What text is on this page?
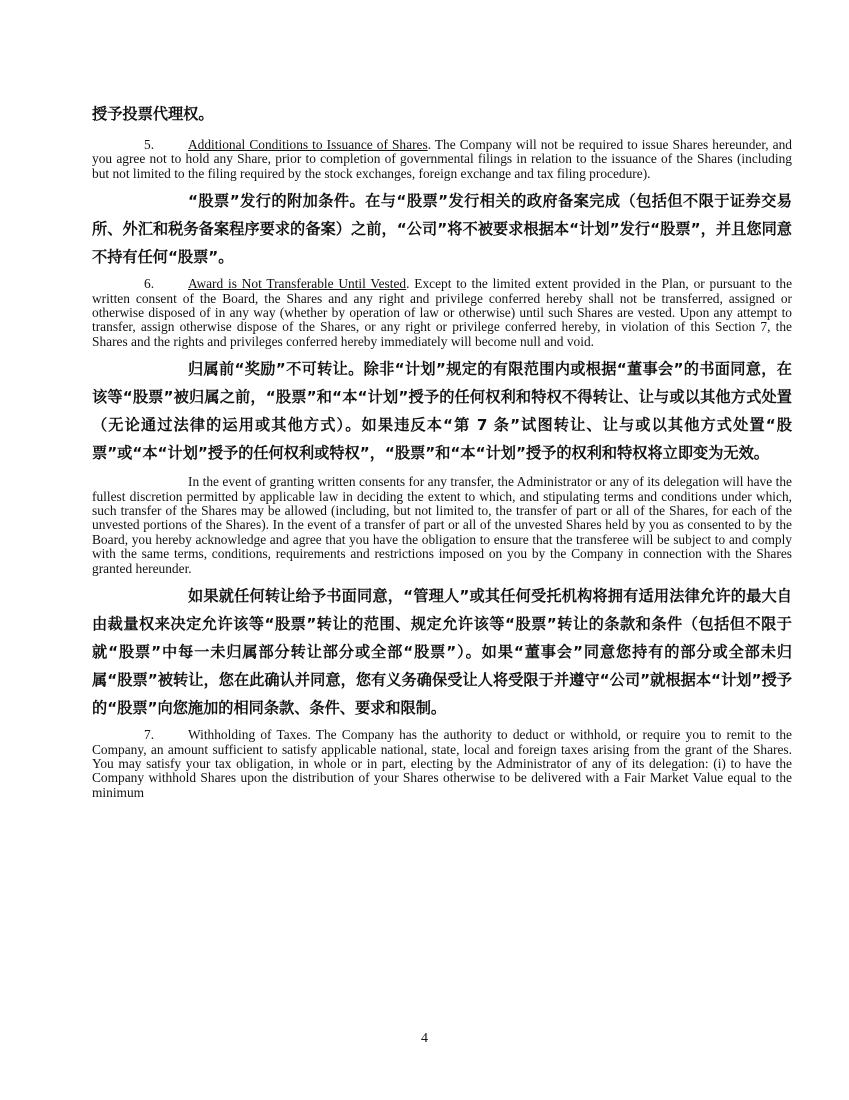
授予投票代理权。

5.	Additional Conditions to Issuance of Shares. The Company will not be required to issue Shares hereunder, and you agree not to hold any Share, prior to completion of governmental filings in relation to the issuance of the Shares (including but not limited to the filing required by the stock exchanges, foreign exchange and tax filing procedure).

“股票”发行的附加条件。在与“股票”发行相关的政府备案完成（包括但不限于证券交易所、外汇和税务备案程序要求的备案）之前，“公司”将不被要求根据本“计划”发行“股票”，并且您同意不持有任何“股票”。

6.	Award is Not Transferable Until Vested. Except to the limited extent provided in the Plan, or pursuant to the written consent of the Board, the Shares and any right and privilege conferred hereby shall not be transferred, assigned or otherwise disposed of in any way (whether by operation of law or otherwise) until such Shares are vested. Upon any attempt to transfer, assign otherwise dispose of the Shares, or any right or privilege conferred hereby, in violation of this Section 7, the Shares and the rights and privileges conferred hereby immediately will become null and void.

归属前“奖励”不可转让。除非“计划”规定的有限范围内或根据“董事会”的书面同意，在该等“股票”被归属之前，“股票”和“本“计划”授予的任何权利和特权不得转让、让与或以其他方式处置（无论通过法律的运用或其他方式）。如果违反本“第 7 条”试图转让、让与或以其他方式处置“股票”或“本“计划”授予的任何权利或特权”，“股票”和“本“计划”授予的权利和特权将立即变为无效。

In the event of granting written consents for any transfer, the Administrator or any of its delegation will have the fullest discretion permitted by applicable law in deciding the extent to which, and stipulating terms and conditions under which, such transfer of the Shares may be allowed (including, but not limited to, the transfer of part or all of the Shares, for each of the unvested portions of the Shares). In the event of a transfer of part or all of the unvested Shares held by you as consented to by the Board, you hereby acknowledge and agree that you have the obligation to ensure that the transferee will be subject to and comply with the same terms, conditions, requirements and restrictions imposed on you by the Company in connection with the Shares granted hereunder.

如果就任何转让给予书面同意，“管理人”或其任何受托机构将拥有适用法律允许的最大自由裁量权来决定允许该等“股票”转让的范围、规定允许该等“股票”转让的条款和条件（包括但不限于就“股票”中每一未归属部分转让部分或全部“股票”）。如果“董事会”同意您持有的部分或全部未归属“股票”被转让，您在此确认并同意，您有义务确保受让人将受限于并遵守“公司”就根据本“计划”授予的“股票”向您施加的相同条款、条件、要求和限制。

7.	Withholding of Taxes. The Company has the authority to deduct or withhold, or require you to remit to the Company, an amount sufficient to satisfy applicable national, state, local and foreign taxes arising from the grant of the Shares. You may satisfy your tax obligation, in whole or in part, electing by the Administrator of any of its delegation: (i) to have the Company withhold Shares upon the distribution of your Shares otherwise to be delivered with a Fair Market Value equal to the minimum

4
